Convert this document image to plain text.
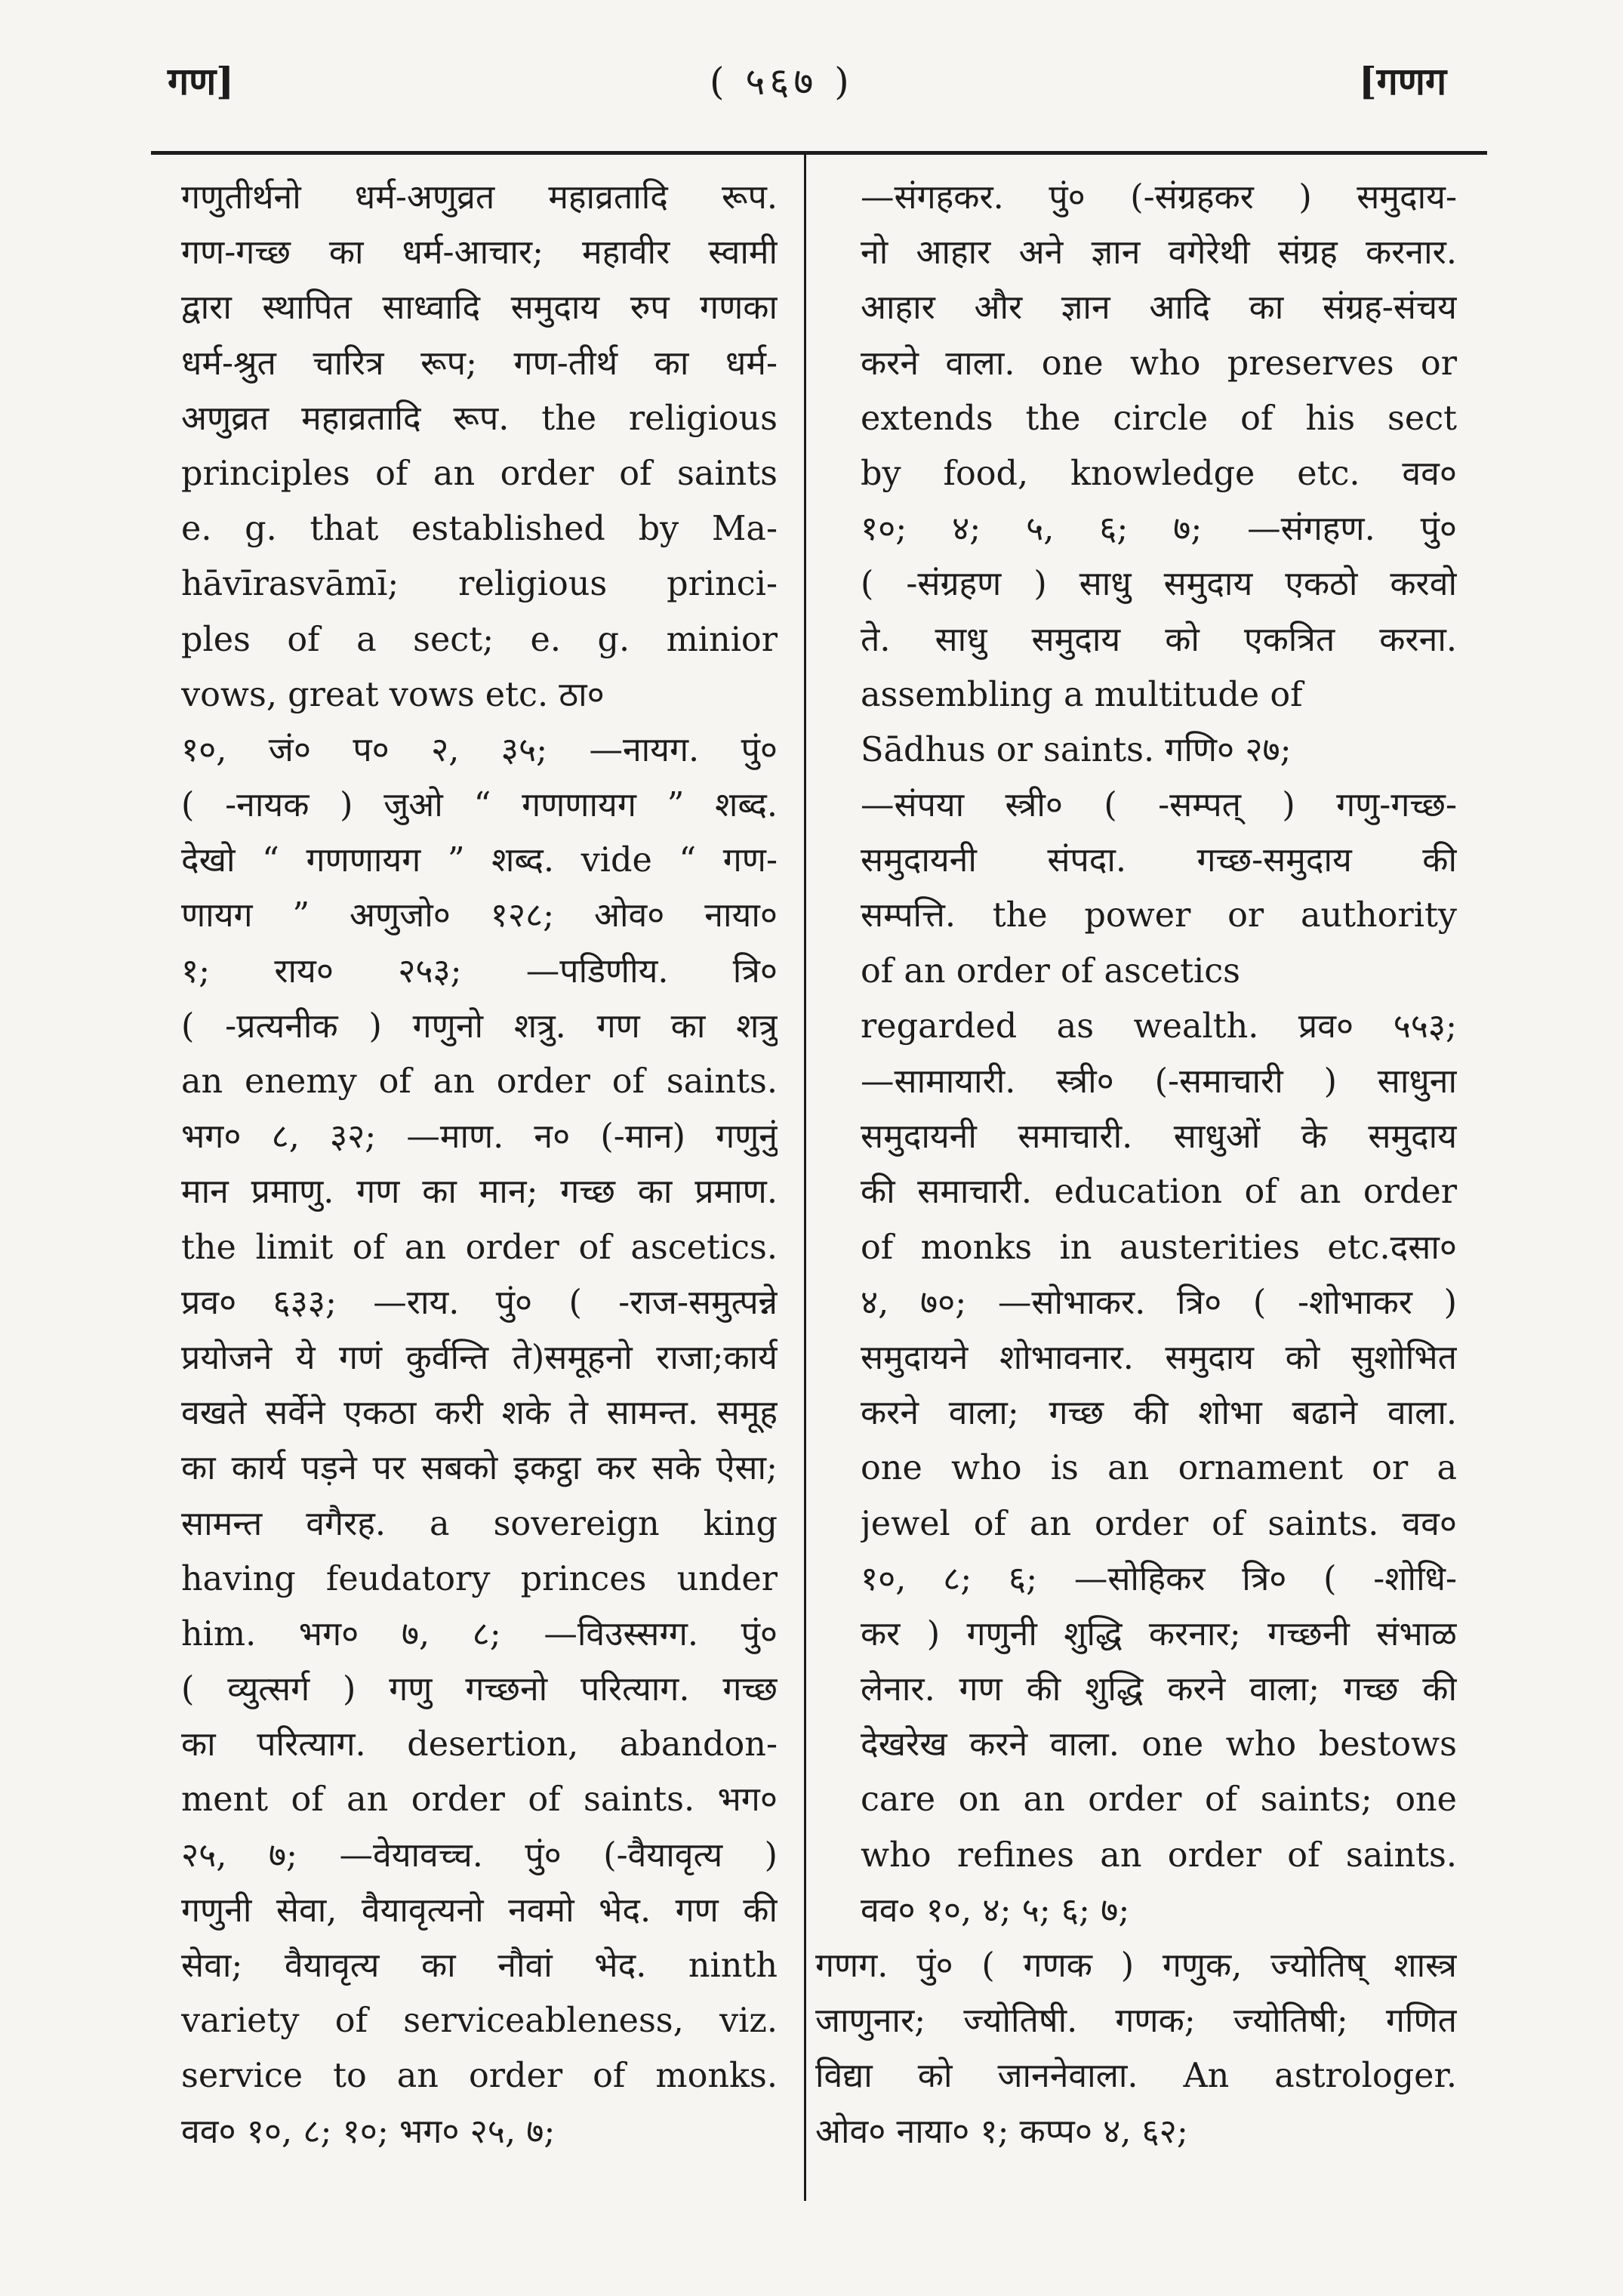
गण]	( ५६७ )	[गणग
गणुतीर्थनो धर्म-अणुव्रत महाव्रतादि रूप.
गण-गच्छ का धर्म-आचार; महावीर स्वामी
द्वारा स्थापित साध्वादि समुदाय रुप गणका
धर्म-श्रुत चारित्र रूप; गण-तीर्थ का धर्म-
अणुव्रत महाव्रतादि रूप. the religious
principles of an order of saints
e. g. that established by Ma-
hāvīrasvāmī; religious princi-
ples of a sect; e. g. minior
vows, great vows etc. ठा०
१०, जं० प० २, ३५; —नायग. पुं०
( -नायक ) जुओ “ गणणायग ” शब्द.
देखो “ गणणायग ” शब्द. vide “ गण-
णायग ” अणुजो० १२८; ओव० नाया०
१; राय० २५३; —पडिणीय. त्रि०
( -प्रत्यनीक ) गणुनो शत्रु. गण का शत्रु
an enemy of an order of saints.
भग० ८, ३२; —माण. न० (-मान) गणुनुं
मान प्रमाणु. गण का मान; गच्छ का प्रमाण.
the limit of an order of ascetics.
प्रव० ६३३; —राय. पुं० ( -राज-समुत्पन्ने
प्रयोजने ये गणं कुर्वन्ति ते)समूहनो राजा;कार्य
वखते सर्वेने एकठा करी शके ते सामन्त. समूह
का कार्य पड़ने पर सबको इकट्ठा कर सके ऐसा;
सामन्त वगैरह. a sovereign king
having feudatory princes under
him. भग० ७, ८; —विउस्सग्ग. पुं०
( व्युत्सर्ग ) गणु गच्छनो परित्याग. गच्छ
का परित्याग. desertion, abandon-
ment of an order of saints. भग०
२५, ७; —वेयावच्च. पुं० (-वैयावृत्य )
गणुनी सेवा, वैयावृत्यनो नवमो भेद. गण की
सेवा; वैयावृत्य का नौवां भेद. ninth
variety of serviceableness, viz.
service to an order of monks.
वव० १०, ८; १०; भग० २५, ७;
—संगहकर. पुं० (-संग्रहकर ) समुदाय-
नो आहार अने ज्ञान वगेरेथी संग्रह करनार.
आहार और ज्ञान आदि का संग्रह-संचय
करने वाला. one who preserves or
extends the circle of his sect
by food, knowledge etc. वव०
१०; ४; ५, ६; ७; —संगहण. पुं०
( -संग्रहण ) साधु समुदाय एकठो करवो
ते. साधु समुदाय को एकत्रित करना.
assembling a multitude of
Sādhus or saints. गणि० २७;
—संपया स्त्री० ( -सम्पत् ) गणु-गच्छ-
समुदायनी संपदा. गच्छ-समुदाय की
सम्पत्ति. the power or authority
of an order of ascetics
regarded as wealth. प्रव० ५५३;
—सामायारी. स्त्री० (-समाचारी ) साधुना
समुदायनी समाचारी. साधुओं के समुदाय
की समाचारी. education of an order
of monks in austerities etc.दसा०
४, ७०; —सोभाकर. त्रि० ( -शोभाकर )
समुदायने शोभावनार. समुदाय को सुशोभित
करने वाला; गच्छ की शोभा बढाने वाला.
one who is an ornament or a
jewel of an order of saints. वव०
१०, ८; ६; —सोहिकर त्रि० ( -शोधि-
कर ) गणुनी शुद्धि करनार; गच्छनी संभाळ
लेनार. गण की शुद्धि करने वाला; गच्छ की
देखरेख करने वाला. one who bestows
care on an order of saints; one
who refines an order of saints.
वव० १०, ४; ५; ६; ७;
गणग. पुं० ( गणक ) गणुक, ज्योतिष् शास्त्र
जाणुनार; ज्योतिषी. गणक; ज्योतिषी; गणित
विद्या को जाननेवाला. An astrologer.
ओव० नाया० १; कप्प० ४, ६२;
